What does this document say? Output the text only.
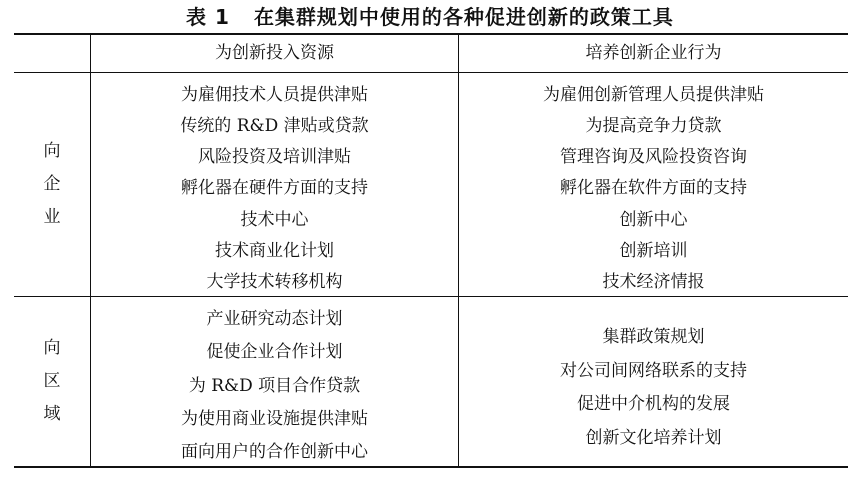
表 1 在集群规划中使用的各种促进创新的政策工具
为创新投入资源	培养创新企业行为
向
企
业
为雇佣技术人员提供津贴
传统的 R&D 津贴或贷款
风险投资及培训津贴
孵化器在硬件方面的支持
技术中心
技术商业化计划
大学技术转移机构
为雇佣创新管理人员提供津贴
为提高竞争力贷款
管理咨询及风险投资咨询
孵化器在软件方面的支持
创新中心
创新培训
技术经济情报
向
区
域
产业研究动态计划
促使企业合作计划
为 R&D 项目合作贷款
为使用商业设施提供津贴
面向用户的合作创新中心
集群政策规划
对公司间网络联系的支持
促进中介机构的发展
创新文化培养计划
